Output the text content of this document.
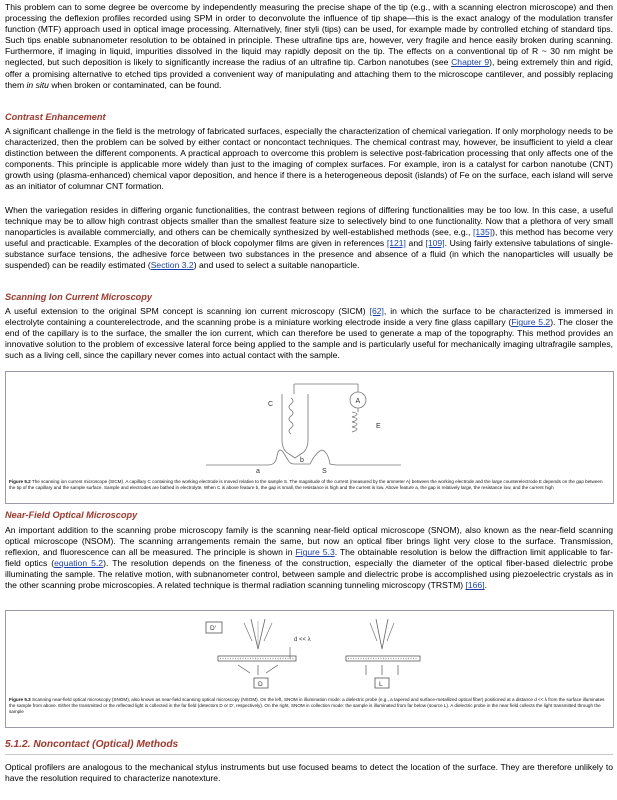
This problem can to some degree be overcome by independently measuring the precise shape of the tip (e.g., with a scanning electron microscope) and then processing the deflexion profiles recorded using SPM in order to deconvolute the influence of tip shape—this is the exact analogy of the modulation transfer function (MTF) approach used in optical image processing. Alternatively, finer styli (tips) can be used, for example made by controlled etching of standard tips. Such tips enable subnanometer resolution to be obtained in principle. These ultrafine tips are, however, very fragile and hence easily broken during scanning. Furthermore, if imaging in liquid, impurities dissolved in the liquid may rapidly deposit on the tip. The effects on a conventional tip of R ~ 30 nm might be neglected, but such deposition is likely to significantly increase the radius of an ultrafine tip. Carbon nanotubes (see Chapter 9), being extremely thin and rigid, offer a promising alternative to etched tips provided a convenient way of manipulating and attaching them to the microscope cantilever, and possibly replacing them in situ when broken or contaminated, can be found.

Contrast Enhancement

A significant challenge in the field is the metrology of fabricated surfaces, especially the characterization of chemical variegation. If only morphology needs to be characterized, then the problem can be solved by either contact or noncontact techniques. The chemical contrast may, however, be insufficient to yield a clear distinction between the different components. A practical approach to overcome this problem is selective post-fabrication processing that only affects one of the components. This principle is applicable more widely than just to the imaging of complex surfaces. For example, iron is a catalyst for carbon nanotube (CNT) growth using (plasma-enhanced) chemical vapor deposition, and hence if there is a heterogeneous deposit (islands) of Fe on the surface, each island will serve as an initiator of columnar CNT formation.

When the variegation resides in differing organic functionalities, the contrast between regions of differing functionalities may be too low. In this case, a useful technique may be to allow high contrast objects smaller than the smallest feature size to selectively bind to one functionality. Now that a plethora of very small nanoparticles is available commercially, and others can be chemically synthesized by well-established methods (see, e.g., [135]), this method has become very useful and practicable. Examples of the decoration of block copolymer films are given in references [121] and [109]. Using fairly extensive tabulations of single-substance surface tensions, the adhesive force between two substances in the presence and absence of a fluid (in which the nanoparticles will usually be suspended) can be readily estimated (Section 3.2) and used to select a suitable nanoparticle.

Scanning Ion Current Microscopy

A useful extension to the original SPM concept is scanning ion current microscopy (SICM) [62], in which the surface to be characterized is immersed in electrolyte containing a counterelectrode, and the scanning probe is a miniature working electrode inside a very fine glass capillary (Figure 5.2). The closer the end of the capillary is to the surface, the smaller the ion current, which can therefore be used to generate a map of the topography. This method provides an innovative solution to the problem of excessive lateral force being applied to the sample and is particularly useful for mechanically imaging ultrafragile samples, such as a living cell, since the capillary never comes into actual contact with the sample.

C	A
E
a
b
S
Figure 5.2 The scanning ion current microscope (SICM). A capillary C containing the working electrode is moved relative to the sample S. The magnitude of the current (measured by the ammeter A) between the working electrode and the large counterelectrode E depends on the gap between the tip of the capillary and the sample surface. Sample and electrodes are bathed in electrolyte. When C is above feature b, the gap is small, the resistance is high and the current is low. Above feature a, the gap is relatively large, the resistance low, and the current high
Near-Field Optical Microscopy

An important addition to the scanning probe microscopy family is the scanning near-field optical microscope (SNOM), also known as the near-field scanning optical microscope (NSOM). The scanning arrangements remain the same, but now an optical fiber brings light very close to the surface. Transmission, reflexion, and fluorescence can all be measured. The principle is shown in Figure 5.3. The obtainable resolution is below the diffraction limit applicable to far-field optics (equation 5.2). The resolution depends on the fineness of the construction, especially the diameter of the optical fiber-based dielectric probe illuminating the sample. The relative motion, with subnanometer control, between sample and dielectric probe is accomplished using piezoelectric crystals as in the other scanning probe microscopies. A related technique is thermal radiation scanning tunneling microscopy (TRSTM) [166].

D′
d << λ
D	L
Figure 5.3 Scanning near-field optical microscopy (SNOM), also known as near-field scanning optical microscopy (NSOM). On the left, SNOM in illumination mode: a dielectric probe (e.g., a tapered and surface-metallized optical fiber) positioned at a distance d << λ from the surface illuminates the sample from above. Either the transmitted or the reflected light is collected in the far field (detectors D or D′, respectively). On the right, SNOM in collection mode: the sample is illuminated from far below (source L). A dielectric probe in the near field collects the light transmitted through the sample
5.1.2. Noncontact (Optical) Methods

Optical profilers are analogous to the mechanical stylus instruments but use focused beams to detect the location of the surface. They are therefore unlikely to have the resolution required to characterize nanotexture.
